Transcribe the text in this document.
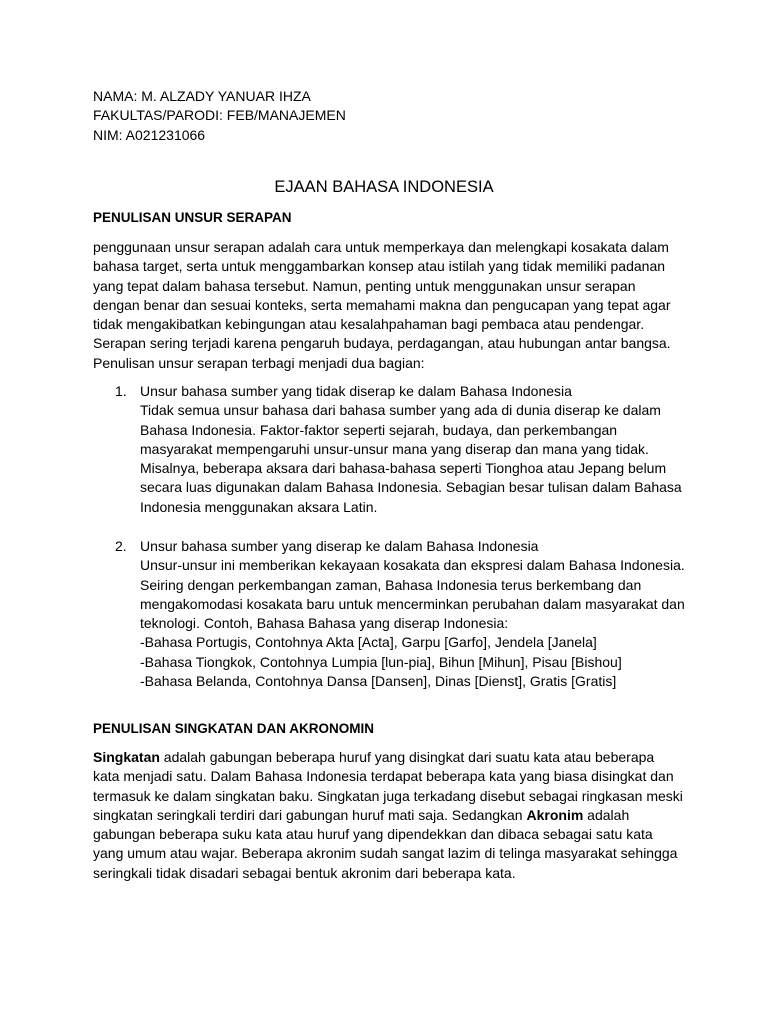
NAMA: M. ALZADY YANUAR IHZA
FAKULTAS/PARODI: FEB/MANAJEMEN
NIM: A021231066
EJAAN BAHASA INDONESIA
PENULISAN UNSUR SERAPAN

penggunaan unsur serapan adalah cara untuk memperkaya dan melengkapi kosakata dalam bahasa target, serta untuk menggambarkan konsep atau istilah yang tidak memiliki padanan yang tepat dalam bahasa tersebut. Namun, penting untuk menggunakan unsur serapan dengan benar dan sesuai konteks, serta memahami makna dan pengucapan yang tepat agar tidak mengakibatkan kebingungan atau kesalahpahaman bagi pembaca atau pendengar. Serapan sering terjadi karena pengaruh budaya, perdagangan, atau hubungan antar bangsa. Penulisan unsur serapan terbagi menjadi dua bagian:

1. Unsur bahasa sumber yang tidak diserap ke dalam Bahasa Indonesia
Tidak semua unsur bahasa dari bahasa sumber yang ada di dunia diserap ke dalam Bahasa Indonesia. Faktor-faktor seperti sejarah, budaya, dan perkembangan masyarakat mempengaruhi unsur-unsur mana yang diserap dan mana yang tidak. Misalnya, beberapa aksara dari bahasa-bahasa seperti Tionghoa atau Jepang belum secara luas digunakan dalam Bahasa Indonesia. Sebagian besar tulisan dalam Bahasa Indonesia menggunakan aksara Latin.
2. Unsur bahasa sumber yang diserap ke dalam Bahasa Indonesia
Unsur-unsur ini memberikan kekayaan kosakata dan ekspresi dalam Bahasa Indonesia. Seiring dengan perkembangan zaman, Bahasa Indonesia terus berkembang dan mengakomodasi kosakata baru untuk mencerminkan perubahan dalam masyarakat dan teknologi. Contoh, Bahasa Bahasa yang diserap Indonesia:
-Bahasa Portugis, Contohnya Akta [Acta], Garpu [Garfo], Jendela [Janela]
-Bahasa Tiongkok, Contohnya Lumpia [lun-pia], Bihun [Mihun], Pisau [Bishou]
-Bahasa Belanda, Contohnya Dansa [Dansen], Dinas [Dienst], Gratis [Gratis]
PENULISAN SINGKATAN DAN AKRONOMIN

Singkatan adalah gabungan beberapa huruf yang disingkat dari suatu kata atau beberapa kata menjadi satu. Dalam Bahasa Indonesia terdapat beberapa kata yang biasa disingkat dan termasuk ke dalam singkatan baku. Singkatan juga terkadang disebut sebagai ringkasan meski singkatan seringkali terdiri dari gabungan huruf mati saja. Sedangkan Akronim adalah gabungan beberapa suku kata atau huruf yang dipendekkan dan dibaca sebagai satu kata yang umum atau wajar. Beberapa akronim sudah sangat lazim di telinga masyarakat sehingga seringkali tidak disadari sebagai bentuk akronim dari beberapa kata.
